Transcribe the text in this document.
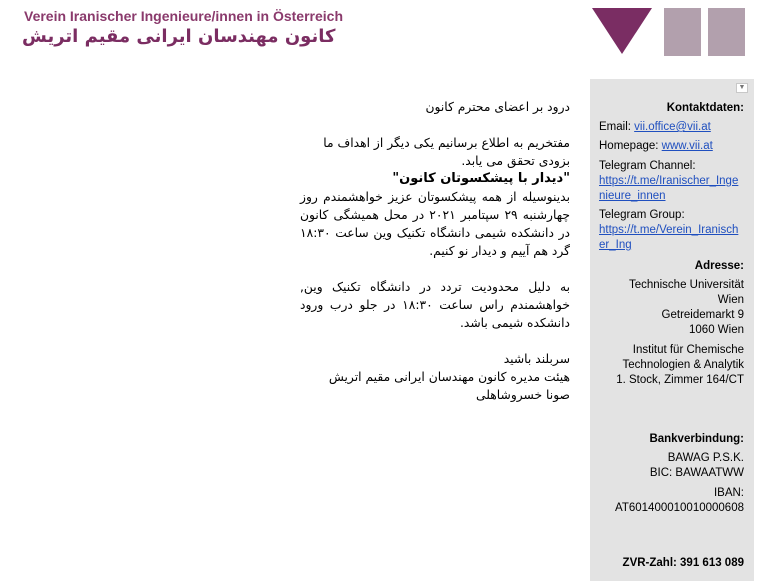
Verein Iranischer Ingenieure/innen in Österreich
کانون مهندسان ایرانی مقیم اتریش

درود بر اعضای محترم کانون

مفتخریم به اطلاع برسانیم یکی دیگر از اهداف ما بزودی تحقق می یابد.

"دیدار با پیشکسوتان کانون"

بدینوسیله از همه پیشکسوتان عزیز خواهشمندم روز چهارشنبه ۲۹ سپتامبر ۲۰۲۱ در محل همیشگی کانون در دانشکده شیمی دانشگاه تکنیک وین ساعت ۱۸:۳۰ گرد هم آییم و دیدار نو کنیم.

به دلیل محدودیت تردد در دانشگاه تکنیک وین, خواهشمندم راس ساعت ۱۸:۳۰ در جلو درب ورود دانشکده شیمی باشد.

سربلند باشید

هیئت مدیره کانون مهندسان ایرانی مقیم اتریش

صونا خسروشاهلی

▼
Kontaktdaten:
Email: vii.office@vii.at
Homepage: www.vii.at
Telegram Channel:
https://t.me/Iranischer_Ingenieure_innen
Telegram Group:
https://t.me/Verein_Iranischer_Ing
Adresse:
Technische Universität
Wien
Getreidemarkt 9
1060 Wien
Institut für Chemische
Technologien & Analytik
1. Stock, Zimmer 164/CT
Bankverbindung:
BAWAG P.S.K.
BIC: BAWAATWW
IBAN:
AT601400010010000608
ZVR-Zahl: 391 613 089
